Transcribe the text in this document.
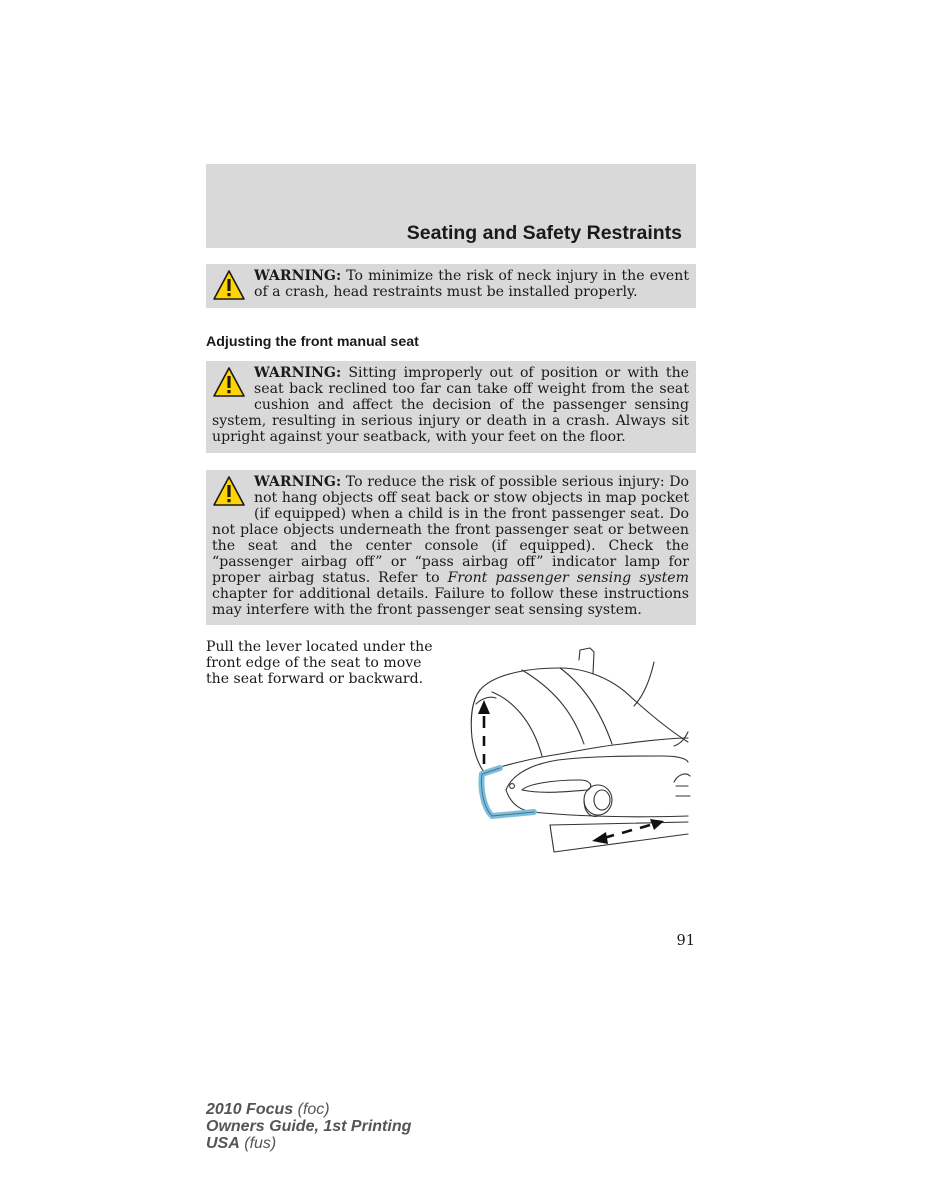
Seating and Safety Restraints

WARNING: To minimize the risk of neck injury in the event of a crash, head restraints must be installed properly.

Adjusting the front manual seat

WARNING: Sitting improperly out of position or with the seat back reclined too far can take off weight from the seat cushion and affect the decision of the passenger sensing system, resulting in serious injury or death in a crash. Always sit upright against your seatback, with your feet on the floor.

WARNING: To reduce the risk of possible serious injury: Do not hang objects off seat back or stow objects in map pocket (if equipped) when a child is in the front passenger seat. Do not place objects underneath the front passenger seat or between the seat and the center console (if equipped). Check the “passenger airbag off” or “pass airbag off” indicator lamp for proper airbag status. Refer to Front passenger sensing system chapter for additional details. Failure to follow these instructions may interfere with the front passenger seat sensing system.

Pull the lever located under the front edge of the seat to move the seat forward or backward.
91
2010 Focus (foc)
Owners Guide, 1st Printing
USA (fus)
